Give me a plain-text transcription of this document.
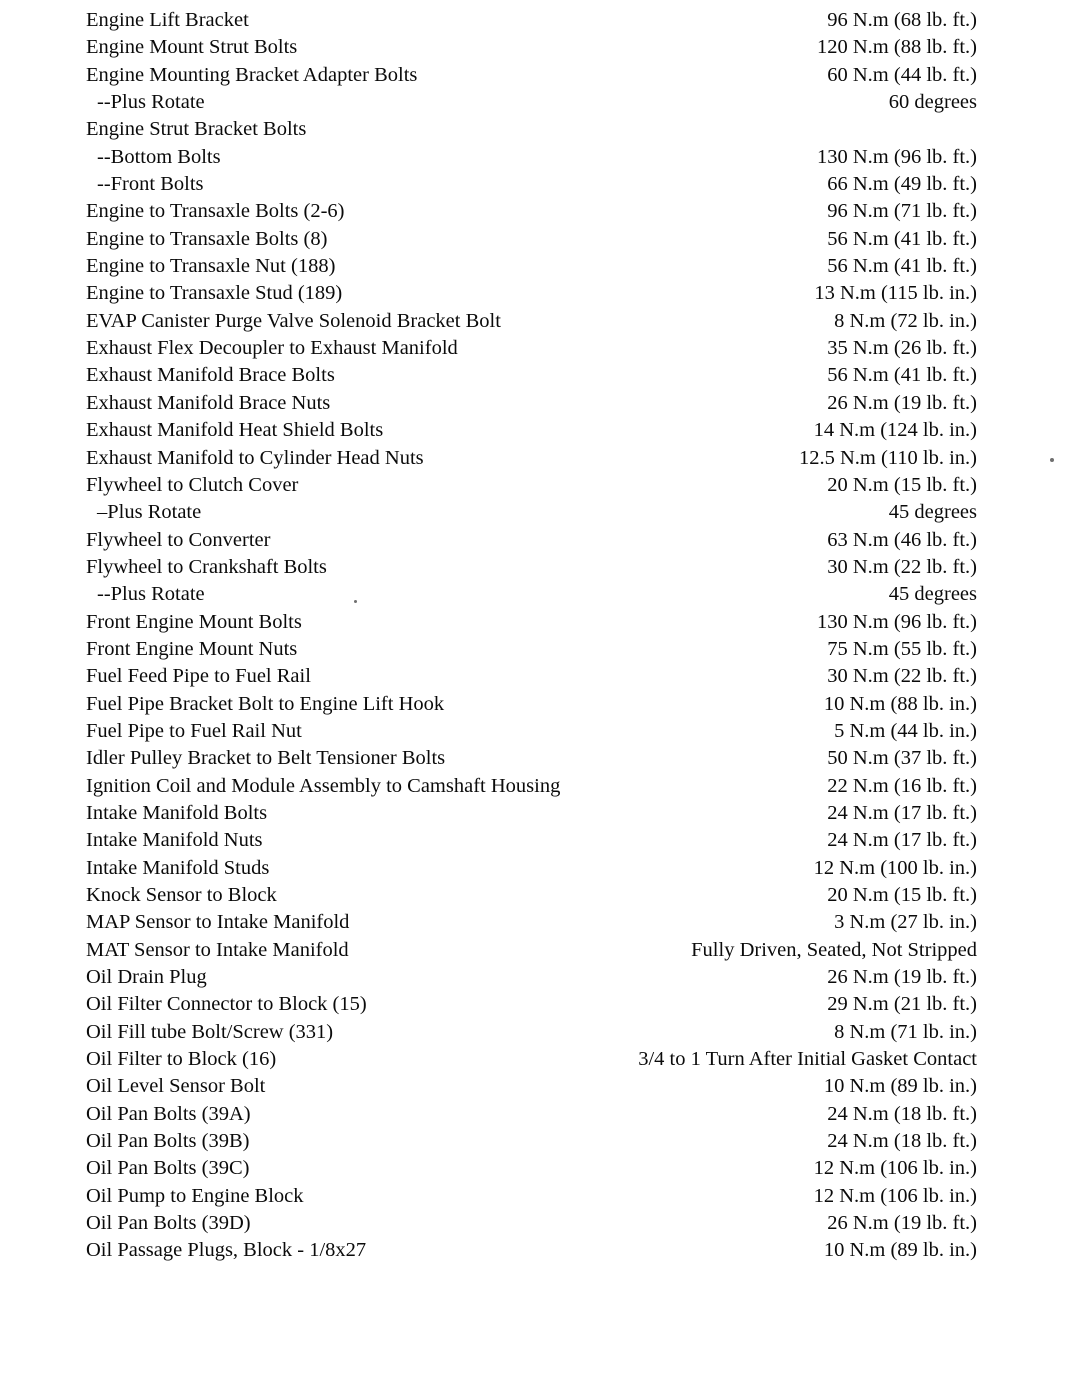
Engine Lift Bracket	96 N.m (68 lb. ft.)
Engine Mount Strut Bolts	120 N.m (88 lb. ft.)
Engine Mounting Bracket Adapter Bolts	60 N.m (44 lb. ft.)
--Plus Rotate	60 degrees
Engine Strut Bracket Bolts
--Bottom Bolts	130 N.m (96 lb. ft.)
--Front Bolts	66 N.m (49 lb. ft.)
Engine to Transaxle Bolts (2-6)	96 N.m (71 lb. ft.)
Engine to Transaxle Bolts (8)	56 N.m (41 lb. ft.)
Engine to Transaxle Nut (188)	56 N.m (41 lb. ft.)
Engine to Transaxle Stud (189)	13 N.m (115 lb. in.)
EVAP Canister Purge Valve Solenoid Bracket Bolt	8 N.m (72 lb. in.)
Exhaust Flex Decoupler to Exhaust Manifold	35 N.m (26 lb. ft.)
Exhaust Manifold Brace Bolts	56 N.m (41 lb. ft.)
Exhaust Manifold Brace Nuts	26 N.m (19 lb. ft.)
Exhaust Manifold Heat Shield Bolts	14 N.m (124 lb. in.)
Exhaust Manifold to Cylinder Head Nuts	12.5 N.m (110 lb. in.)
Flywheel to Clutch Cover	20 N.m (15 lb. ft.)
–Plus Rotate	45 degrees
Flywheel to Converter	63 N.m (46 lb. ft.)
Flywheel to Crankshaft Bolts	30 N.m (22 lb. ft.)
--Plus Rotate	45 degrees
Front Engine Mount Bolts	130 N.m (96 lb. ft.)
Front Engine Mount Nuts	75 N.m (55 lb. ft.)
Fuel Feed Pipe to Fuel Rail	30 N.m (22 lb. ft.)
Fuel Pipe Bracket Bolt to Engine Lift Hook	10 N.m (88 lb. in.)
Fuel Pipe to Fuel Rail Nut	5 N.m (44 lb. in.)
Idler Pulley Bracket to Belt Tensioner Bolts	50 N.m (37 lb. ft.)
Ignition Coil and Module Assembly to Camshaft Housing	22 N.m (16 lb. ft.)
Intake Manifold Bolts	24 N.m (17 lb. ft.)
Intake Manifold Nuts	24 N.m (17 lb. ft.)
Intake Manifold Studs	12 N.m (100 lb. in.)
Knock Sensor to Block	20 N.m (15 lb. ft.)
MAP Sensor to Intake Manifold	3 N.m (27 lb. in.)
MAT Sensor to Intake Manifold	Fully Driven, Seated, Not Stripped
Oil Drain Plug	26 N.m (19 lb. ft.)
Oil Filter Connector to Block (15)	29 N.m (21 lb. ft.)
Oil Fill tube Bolt/Screw (331)	8 N.m (71 lb. in.)
Oil Filter to Block (16)	3/4 to 1 Turn After Initial Gasket Contact
Oil Level Sensor Bolt	10 N.m (89 lb. in.)
Oil Pan Bolts (39A)	24 N.m (18 lb. ft.)
Oil Pan Bolts (39B)	24 N.m (18 lb. ft.)
Oil Pan Bolts (39C)	12 N.m (106 lb. in.)
Oil Pump to Engine Block	12 N.m (106 lb. in.)
Oil Pan Bolts (39D)	26 N.m (19 lb. ft.)
Oil Passage Plugs, Block - 1/8x27	10 N.m (89 lb. in.)
